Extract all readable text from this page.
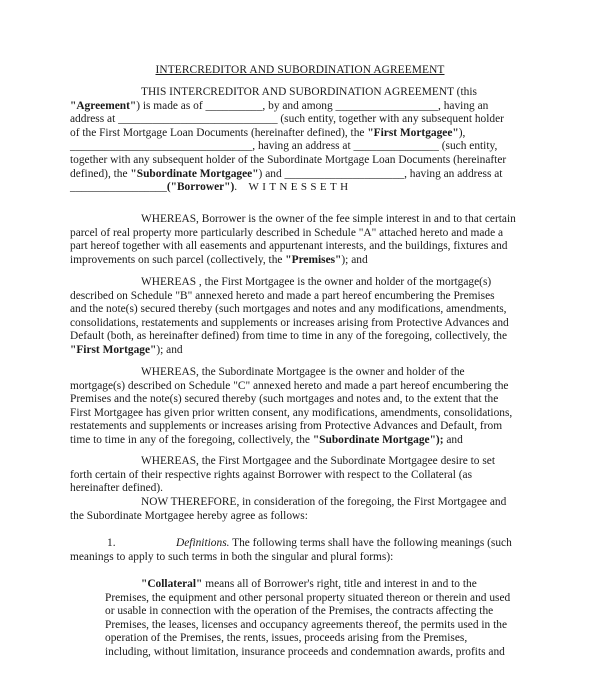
INTERCREDITOR AND SUBORDINATION AGREEMENT
THIS INTERCREDITOR AND SUBORDINATION AGREEMENT (this
"Agreement") is made as of __________, by and among __________________, having an
address at ____________________________ (such entity, together with any subsequent holder
of the First Mortgage Loan Documents (hereinafter defined), the "First Mortgagee"),
________________________________, having an address at _______________ (such entity,
together with any subsequent holder of the Subordinate Mortgage Loan Documents (hereinafter
defined), the "Subordinate Mortgagee") and _____________________, having an address at
_________________("Borrower").	WITNESSETH
WHEREAS, Borrower is the owner of the fee simple interest in and to that certain
parcel of real property more particularly described in Schedule "A" attached hereto and made a
part hereof together with all easements and appurtenant interests, and the buildings, fixtures and
improvements on such parcel (collectively, the "Premises"); and
WHEREAS , the First Mortgagee is the owner and holder of the mortgage(s)
described on Schedule "B" annexed hereto and made a part hereof encumbering the Premises
and the note(s) secured thereby (such mortgages and notes and any modifications, amendments,
consolidations, restatements and supplements or increases arising from Protective Advances and
Default (both, as hereinafter defined) from time to time in any of the foregoing, collectively, the
"First Mortgage"); and
WHEREAS, the Subordinate Mortgagee is the owner and holder of the
mortgage(s) described on Schedule "C" annexed hereto and made a part hereof encumbering the
Premises and the note(s) secured thereby (such mortgages and notes and, to the extent that the
First Mortgagee has given prior written consent, any modifications, amendments, consolidations,
restatements and supplements or increases arising from Protective Advances and Default, from
time to time in any of the foregoing, collectively, the "Subordinate Mortgage"); and
WHEREAS, the First Mortgagee and the Subordinate Mortgagee desire to set
forth certain of their respective rights against Borrower with respect to the Collateral (as
hereinafter defined).
NOW THEREFORE, in consideration of the foregoing, the First Mortgagee and
the Subordinate Mortgagee hereby agree as follows:
1.	Definitions. The following terms shall have the following meanings (such
meanings to apply to such terms in both the singular and plural forms):
"Collateral" means all of Borrower's right, title and interest in and to the
Premises, the equipment and other personal property situated thereon or therein and used
or usable in connection with the operation of the Premises, the contracts affecting the
Premises, the leases, licenses and occupancy agreements thereof, the permits used in the
operation of the Premises, the rents, issues, proceeds arising from the Premises,
including, without limitation, insurance proceeds and condemnation awards, profits and
